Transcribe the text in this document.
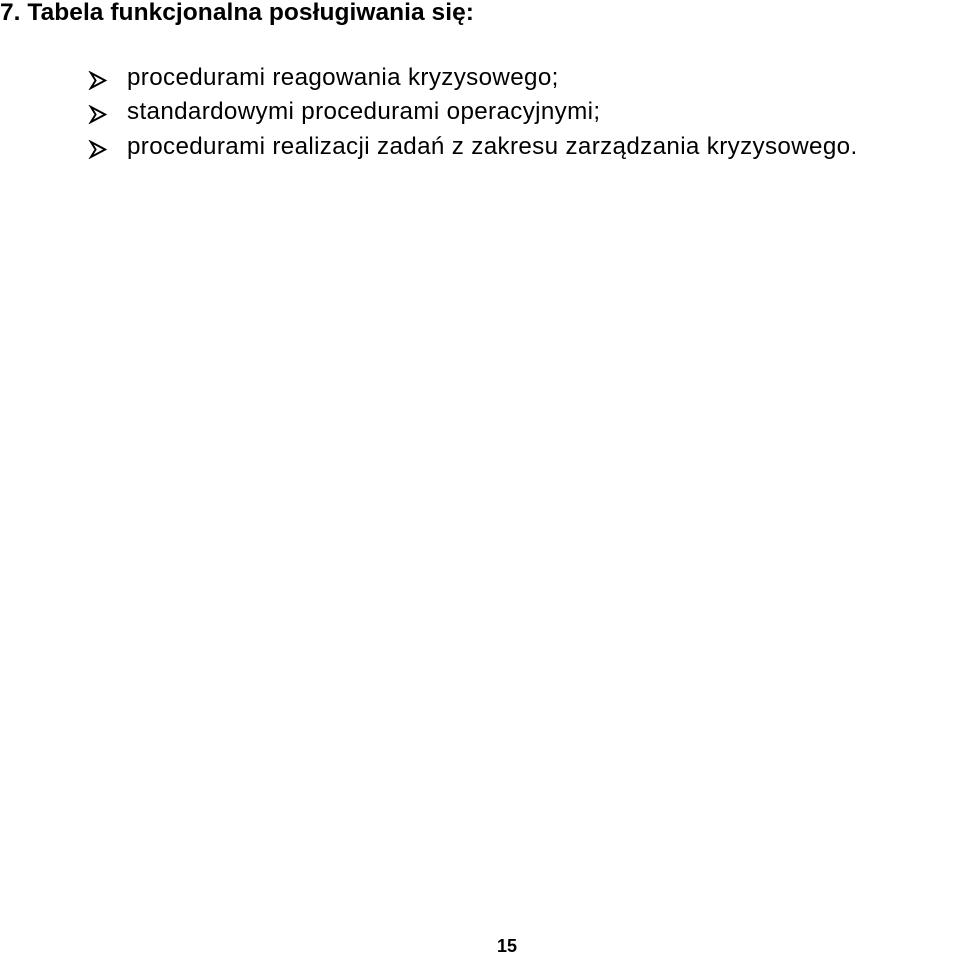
7. Tabela funkcjonalna posługiwania się:
procedurami reagowania kryzysowego;
standardowymi procedurami operacyjnymi;
procedurami realizacji zadań z zakresu zarządzania kryzysowego.
15
